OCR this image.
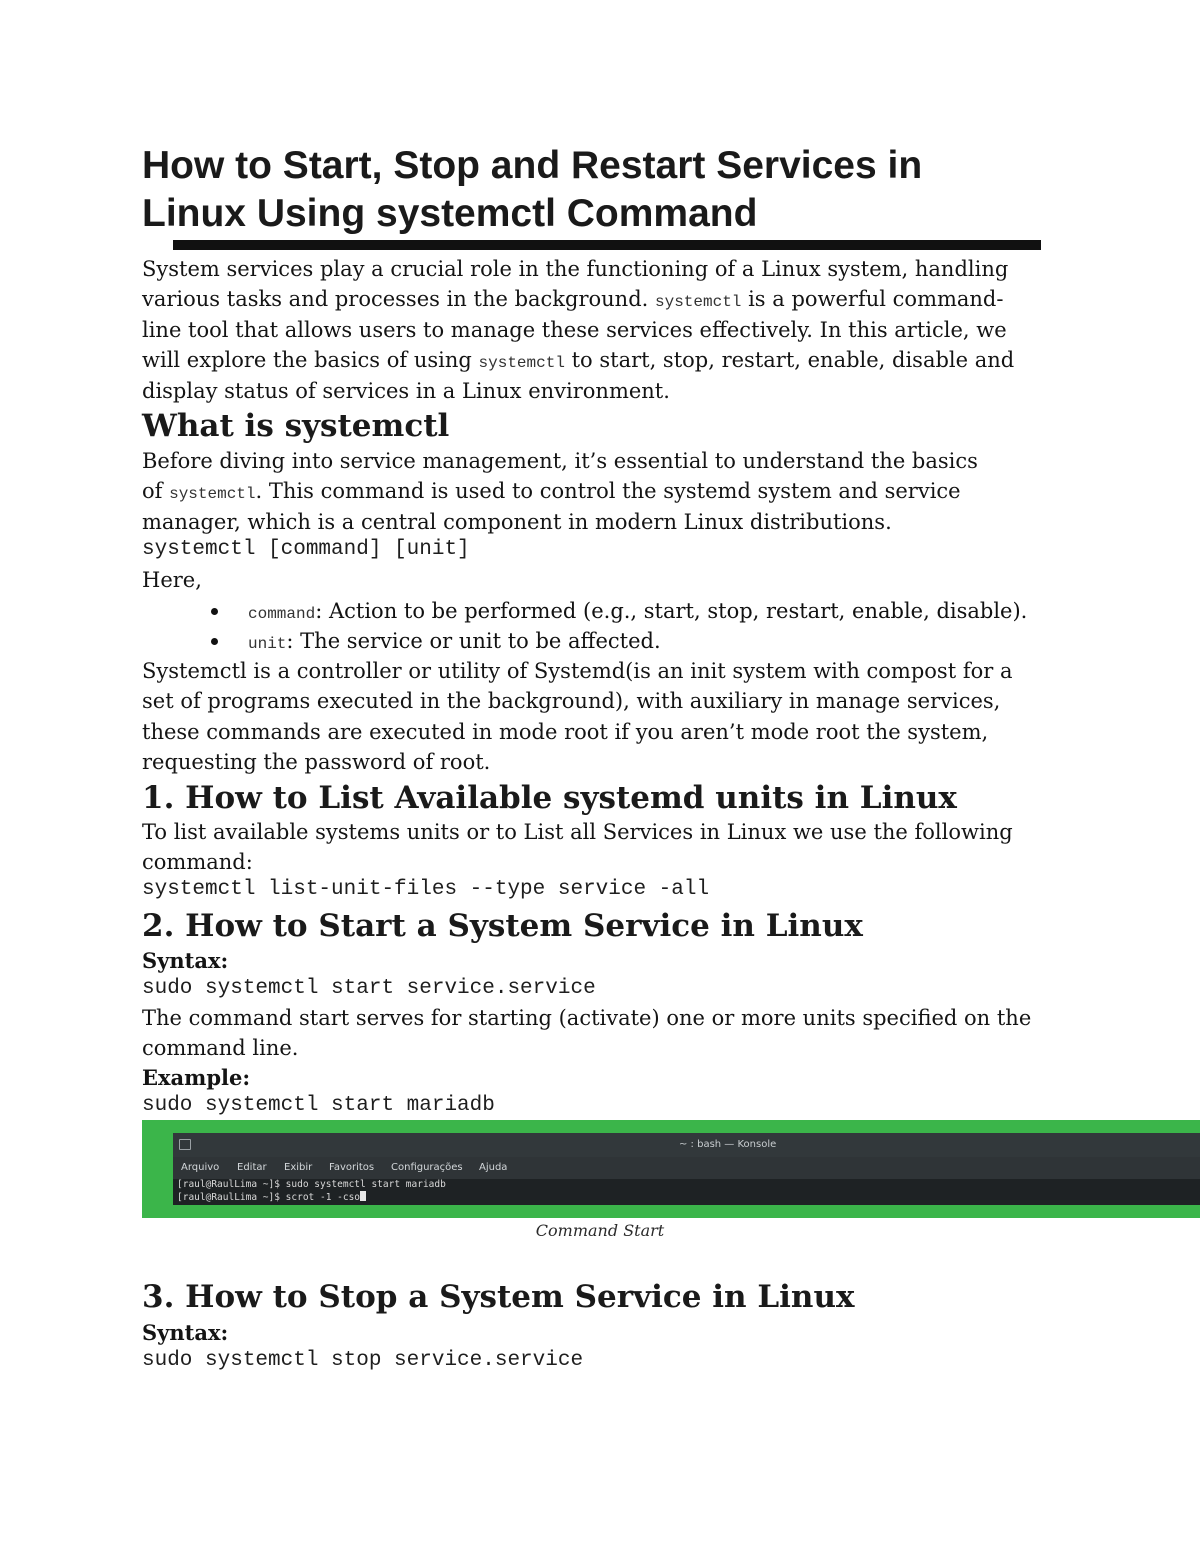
How to Start, Stop and Restart Services in
Linux Using systemctl Command
System services play a crucial role in the functioning of a Linux system, handling
various tasks and processes in the background. systemctl is a powerful command-
line tool that allows users to manage these services effectively. In this article, we
will explore the basics of using systemctl to start, stop, restart, enable, disable and
display status of services in a Linux environment.
What is systemctl
Before diving into service management, it’s essential to understand the basics
of systemctl. This command is used to control the systemd system and service
manager, which is a central component in modern Linux distributions.
systemctl [command] [unit]
Here,
command: Action to be performed (e.g., start, stop, restart, enable, disable).
unit: The service or unit to be affected.
Systemctl is a controller or utility of Systemd(is an init system with compost for a
set of programs executed in the background), with auxiliary in manage services,
these commands are executed in mode root if you aren’t mode root the system,
requesting the password of root.
1. How to List Available systemd units in Linux
To list available systems units or to List all Services in Linux we use the following
command:
systemctl list-unit-files --type service -all
2. How to Start a System Service in Linux
Syntax:
sudo systemctl start service.service
The command start serves for starting (activate) one or more units specified on the
command line.
Example:
sudo systemctl start mariadb
~ : bash — Konsole
Arquivo Editar Exibir Favoritos Configurações Ajuda
[raul@RaulLima ~]$ sudo systemctl start mariadb
[raul@RaulLima ~]$ scrot -1 -cso
Command Start
3. How to Stop a System Service in Linux
Syntax:
sudo systemctl stop service.service
